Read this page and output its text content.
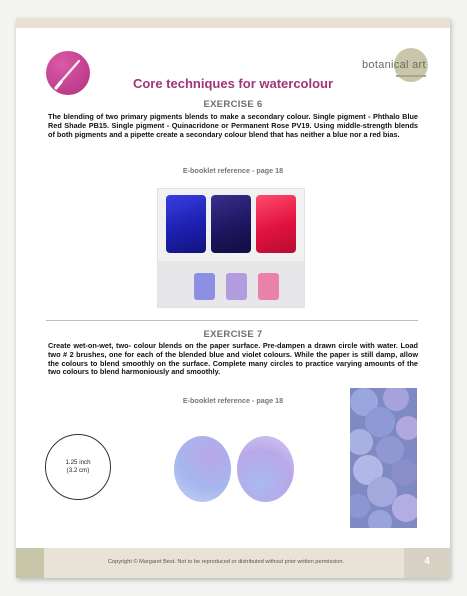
botanical art
Core techniques for watercolour
EXERCISE 6
The blending of two primary pigments blends to make a secondary colour. Single pigment - Phthalo Blue Red Shade PB15. Single pigment - Quinacridone or Permanent Rose PV19. Using middle-strength blends of both pigments and a pipette create a secondary colour blend that has neither a blue nor a red bias.
E-booklet reference - page 18
EXERCISE 7
Create wet-on-wet, two- colour blends on the paper surface. Pre-dampen a drawn circle with water. Load two # 2 brushes, one for each of the blended blue and violet colours. While the paper is still damp, allow the colours to blend smoothly on the surface. Complete many circles to practice varying amounts of the two colours to blend harmoniously and smoothly.
E-booklet reference - page 18
1.25 inch
(3.2 cm)
Copyright © Margaret Best. Not to be reproduced or distributed without prior written permission.	4
